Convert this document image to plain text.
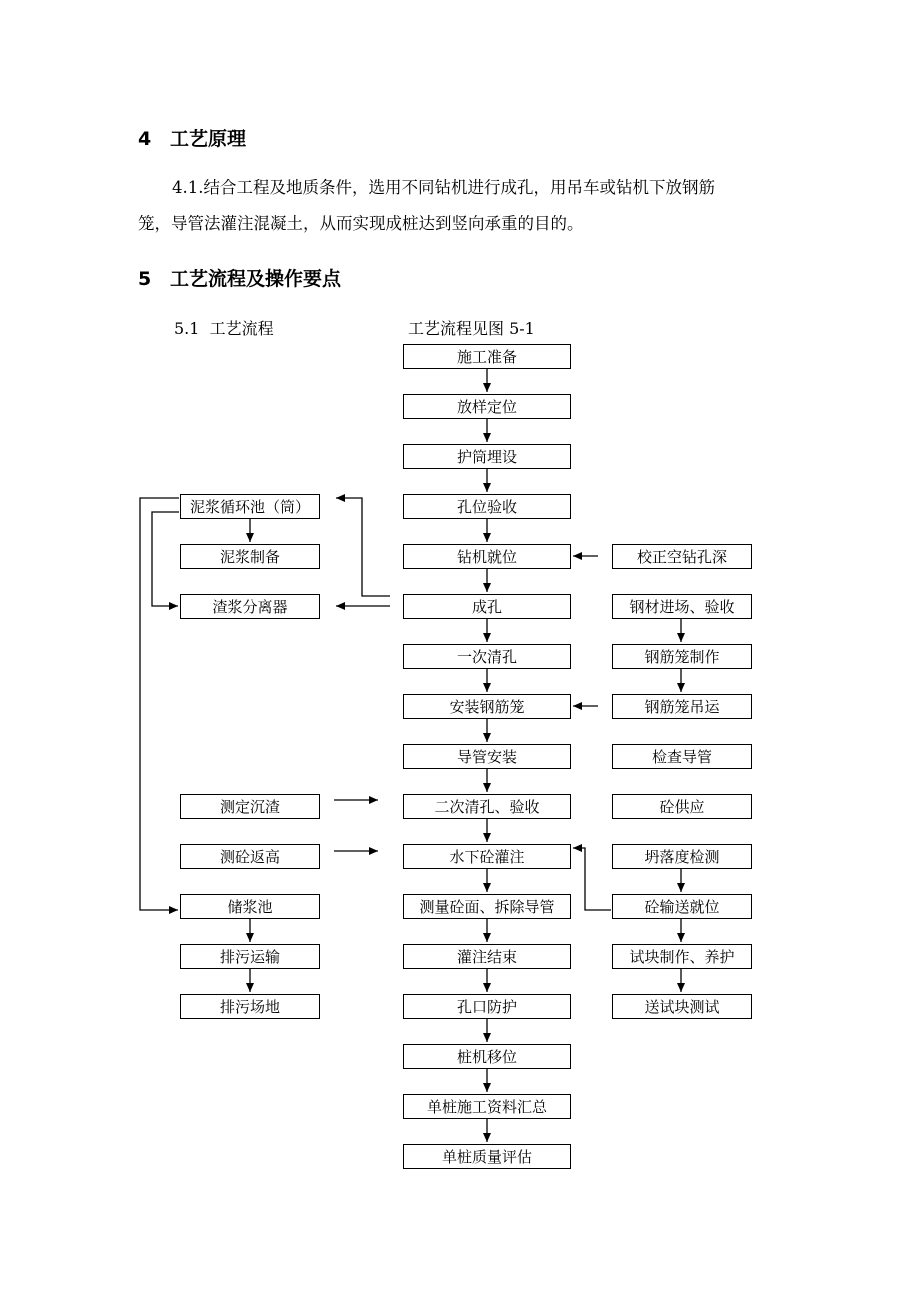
4 工艺原理
4.1.结合工程及地质条件，选用不同钻机进行成孔，用吊车或钻机下放钢筋
笼，导管法灌注混凝土，从而实现成桩达到竖向承重的目的。
5 工艺流程及操作要点
5.1  工艺流程	工艺流程见图 5-1
施工准备
放样定位
护筒埋设
孔位验收
钻机就位
成孔
一次清孔
安装钢筋笼
导管安装
二次清孔、验收
水下砼灌注
测量砼面、拆除导管
灌注结束
孔口防护
桩机移位
单桩施工资料汇总
单桩质量评估
泥浆循环池（筒）
泥浆制备
渣浆分离器
测定沉渣
测砼返高
储浆池
排污运输
排污场地
校正空钻孔深
钢材进场、验收
钢筋笼制作
钢筋笼吊运
检查导管
砼供应
坍落度检测
砼输送就位
试块制作、养护
送试块测试
